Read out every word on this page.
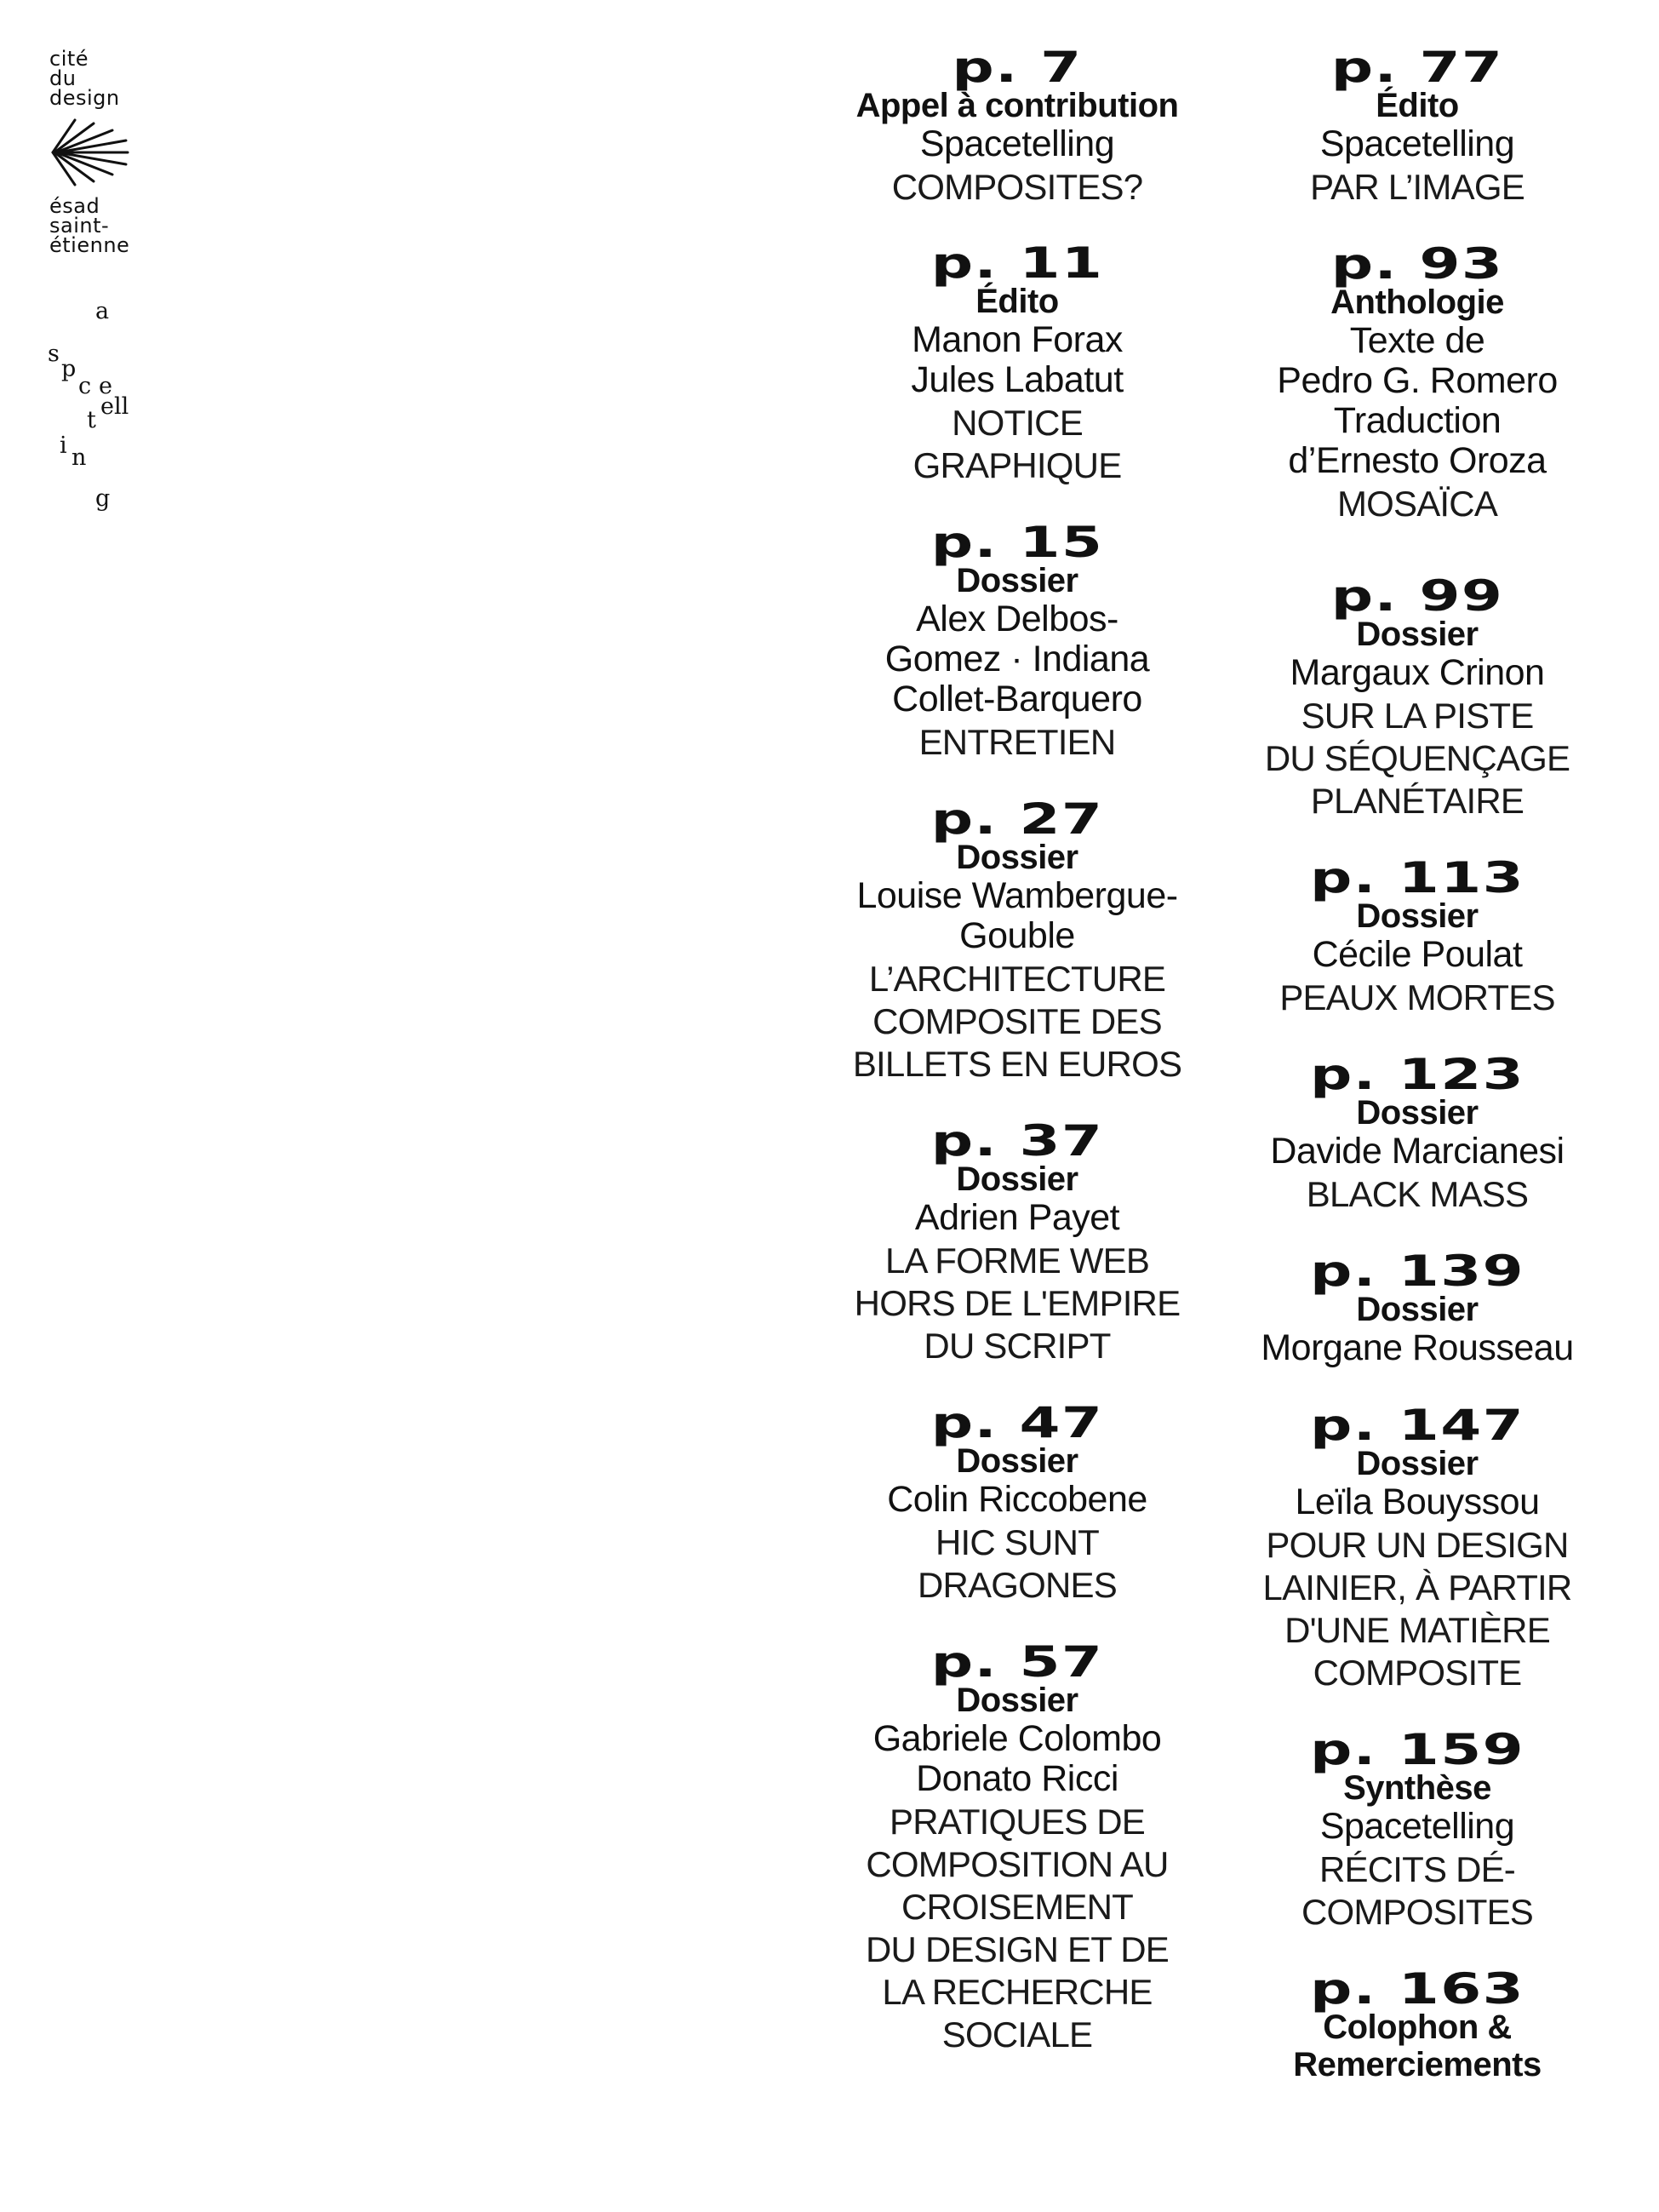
cité
du
design
ésad
saint-
étienne
a
s
p
c e
t
ell
i n
g
p. 7
Appel à contribution
Spacetelling
COMPOSITES?
p. 11
Édito
Manon Forax
Jules Labatut
NOTICE
GRAPHIQUE
p. 15
Dossier
Alex Delbos-
Gomez · Indiana
Collet-Barquero
ENTRETIEN
p. 27
Dossier
Louise Wambergue-
Gouble
L’ARCHITECTURE
COMPOSITE DES
BILLETS EN EUROS
p. 37
Dossier
Adrien Payet
LA FORME WEB
HORS DE L'EMPIRE
DU SCRIPT
p. 47
Dossier
Colin Riccobene
HIC SUNT
DRAGONES
p. 57
Dossier
Gabriele Colombo
Donato Ricci
PRATIQUES DE
COMPOSITION AU
CROISEMENT
DU DESIGN ET DE
LA RECHERCHE
SOCIALE
p. 77
Édito
Spacetelling
PAR L’IMAGE
p. 93
Anthologie
Texte de
Pedro G. Romero
Traduction
d’Ernesto Oroza
MOSAÏCA
p. 99
Dossier
Margaux Crinon
SUR LA PISTE
DU SÉQUENÇAGE
PLANÉTAIRE
p. 113
Dossier
Cécile Poulat
PEAUX MORTES
p. 123
Dossier
Davide Marcianesi
BLACK MASS
p. 139
Dossier
Morgane Rousseau
p. 147
Dossier
Leïla Bouyssou
POUR UN DESIGN
LAINIER, À PARTIR
D'UNE MATIÈRE
COMPOSITE
p. 159
Synthèse
Spacetelling
RÉCITS DÉ-
COMPOSITES
p. 163
Colophon &
Remerciements
